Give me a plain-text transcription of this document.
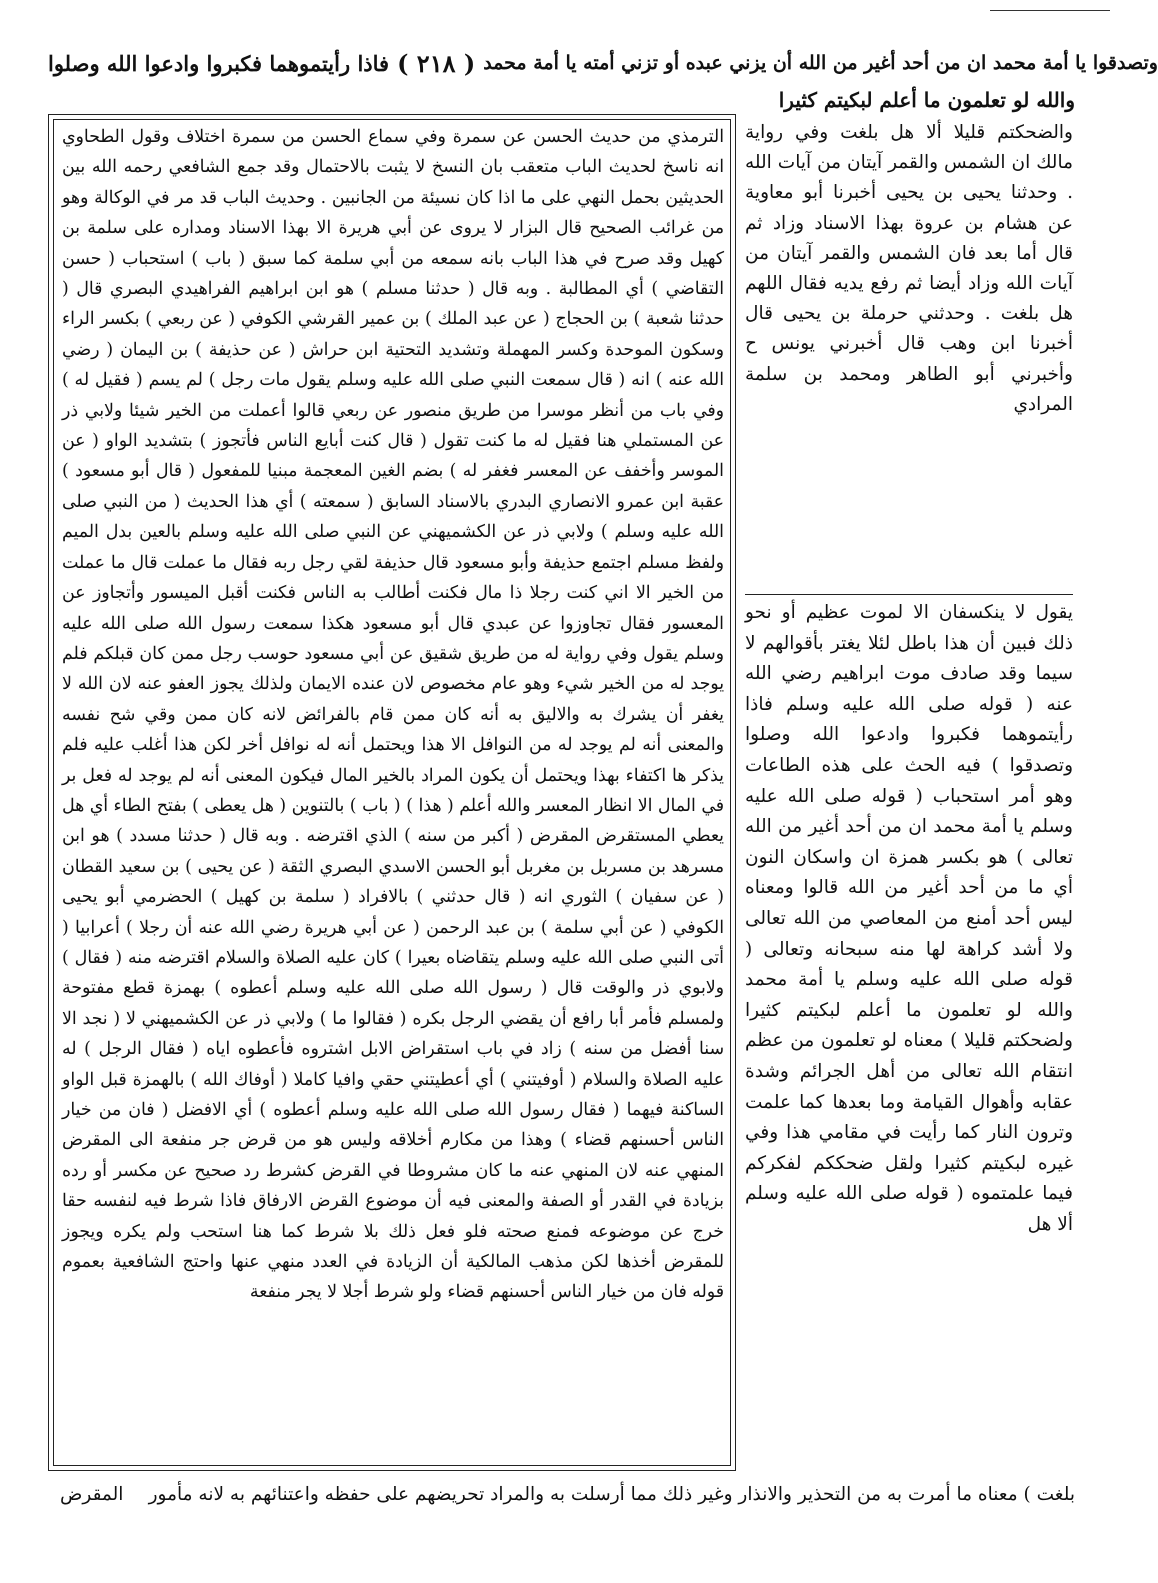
فاذا رأيتموهما فكبروا وادعوا الله وصلوا ( ٢١٨ ) وتصدقوا يا أمة محمد ان من أحد أغير من الله أن يزني عبده أو تزني أمته يا أمة محمد
والله لو تعلمون ما أعلم لبكيتم كثيرا
الترمذي من حديث الحسن عن سمرة وفي سماع الحسن من سمرة اختلاف وقول الطحاوي انه ناسخ لحديث الباب متعقب بان النسخ لا يثبت بالاحتمال وقد جمع الشافعي رحمه الله بين الحديثين بحمل النهي على ما اذا كان نسيئة من الجانبين . وحديث الباب قد مر في الوكالة وهو من غرائب الصحيح قال البزار لا يروى عن أبي هريرة الا بهذا الاسناد ومداره على سلمة بن كهيل وقد صرح في هذا الباب بانه سمعه من أبي سلمة كما سبق ( باب ) استحباب ( حسن التقاضي ) أي المطالبة . وبه قال ( حدثنا مسلم ) هو ابن ابراهيم الفراهيدي البصري قال ( حدثنا شعبة ) بن الحجاج ( عن عبد الملك ) بن عمير القرشي الكوفي ( عن ربعي ) بكسر الراء وسكون الموحدة وكسر المهملة وتشديد التحتية ابن حراش ( عن حذيفة ) بن اليمان ( رضي الله عنه ) انه ( قال سمعت النبي صلى الله عليه وسلم يقول مات رجل ) لم يسم ( فقيل له ) وفي باب من أنظر موسرا من طريق منصور عن ربعي قالوا أعملت من الخير شيئا ولابي ذر عن المستملي هنا فقيل له ما كنت تقول ( قال كنت أبايع الناس فأتجوز ) بتشديد الواو ( عن الموسر وأخفف عن المعسر فغفر له ) بضم الغين المعجمة مبنيا للمفعول ( قال أبو مسعود ) عقبة ابن عمرو الانصاري البدري بالاسناد السابق ( سمعته ) أي هذا الحديث ( من النبي صلى الله عليه وسلم ) ولابي ذر عن الكشميهني عن النبي صلى الله عليه وسلم بالعين بدل الميم ولفظ مسلم اجتمع حذيفة وأبو مسعود قال حذيفة لقي رجل ربه فقال ما عملت قال ما عملت من الخير الا اني كنت رجلا ذا مال فكنت أطالب به الناس فكنت أقبل الميسور وأتجاوز عن المعسور فقال تجاوزوا عن عبدي قال أبو مسعود هكذا سمعت رسول الله صلى الله عليه وسلم يقول وفي رواية له من طريق شقيق عن أبي مسعود حوسب رجل ممن كان قبلكم فلم يوجد له من الخير شيء وهو عام مخصوص لان عنده الايمان ولذلك يجوز العفو عنه لان الله لا يغفر أن يشرك به والاليق به أنه كان ممن قام بالفرائض لانه كان ممن وقي شح نفسه والمعنى أنه لم يوجد له من النوافل الا هذا ويحتمل أنه له نوافل أخر لكن هذا أغلب عليه فلم يذكر ها اكتفاء بهذا ويحتمل أن يكون المراد بالخير المال فيكون المعنى أنه لم يوجد له فعل بر في المال الا انظار المعسر والله أعلم ( هذا ) ( باب ) بالتنوين ( هل يعطى ) بفتح الطاء أي هل يعطي المستقرض المقرض ( أكبر من سنه ) الذي اقترضه . وبه قال ( حدثنا مسدد ) هو ابن مسرهد بن مسربل بن مغربل أبو الحسن الاسدي البصري الثقة ( عن يحيى ) بن سعيد القطان ( عن سفيان ) الثوري انه ( قال حدثني ) بالافراد ( سلمة بن كهيل ) الحضرمي أبو يحيى الكوفي ( عن أبي سلمة ) بن عبد الرحمن ( عن أبي هريرة رضي الله عنه أن رجلا ) أعرابيا ( أتى النبي صلى الله عليه وسلم يتقاضاه بعيرا ) كان عليه الصلاة والسلام اقترضه منه ( فقال ) ولابوي ذر والوقت قال ( رسول الله صلى الله عليه وسلم أعطوه ) بهمزة قطع مفتوحة ولمسلم فأمر أبا رافع أن يقضي الرجل بكره ( فقالوا ما ) ولابي ذر عن الكشميهني لا ( نجد الا سنا أفضل من سنه ) زاد في باب استقراض الابل اشتروه فأعطوه اياه ( فقال الرجل ) له عليه الصلاة والسلام ( أوفيتني ) أي أعطيتني حقي وافيا كاملا ( أوفاك الله ) بالهمزة قبل الواو الساكنة فيهما ( فقال رسول الله صلى الله عليه وسلم أعطوه ) أي الافضل ( فان من خيار الناس أحسنهم قضاء ) وهذا من مكارم أخلاقه وليس هو من قرض جر منفعة الى المقرض المنهي عنه لان المنهي عنه ما كان مشروطا في القرض كشرط رد صحيح عن مكسر أو رده بزيادة في القدر أو الصفة والمعنى فيه أن موضوع القرض الارفاق فاذا شرط فيه لنفسه حقا خرج عن موضوعه فمنع صحته فلو فعل ذلك بلا شرط كما هنا استحب ولم يكره ويجوز للمقرض أخذها لكن مذهب المالكية أن الزيادة في العدد منهي عنها واحتج الشافعية بعموم قوله فان من خيار الناس أحسنهم قضاء ولو شرط أجلا لا يجر منفعة
والضحكتم قليلا ألا هل بلغت وفي رواية مالك ان الشمس والقمر آيتان من آيات الله . وحدثنا يحيى بن يحيى أخبرنا أبو معاوية عن هشام بن عروة بهذا الاسناد وزاد ثم قال أما بعد فان الشمس والقمر آيتان من آيات الله وزاد أيضا ثم رفع يديه فقال اللهم هل بلغت . وحدثني حرملة بن يحيى قال أخبرنا ابن وهب قال أخبرني يونس ح وأخبرني أبو الطاهر ومحمد بن سلمة المرادي
يقول لا ينكسفان الا لموت عظيم أو نحو ذلك فبين أن هذا باطل لئلا يغتر بأقوالهم لا سيما وقد صادف موت ابراهيم رضي الله عنه ( قوله صلى الله عليه وسلم فاذا رأيتموهما فكبروا وادعوا الله وصلوا وتصدقوا ) فيه الحث على هذه الطاعات وهو أمر استحباب ( قوله صلى الله عليه وسلم يا أمة محمد ان من أحد أغير من الله تعالى ) هو بكسر همزة ان واسكان النون أي ما من أحد أغير من الله قالوا ومعناه ليس أحد أمنع من المعاصي من الله تعالى ولا أشد كراهة لها منه سبحانه وتعالى ( قوله صلى الله عليه وسلم يا أمة محمد والله لو تعلمون ما أعلم لبكيتم كثيرا ولضحكتم قليلا ) معناه لو تعلمون من عظم انتقام الله تعالى من أهل الجرائم وشدة عقابه وأهوال القيامة وما بعدها كما علمت وترون النار كما رأيت في مقامي هذا وفي غيره لبكيتم كثيرا ولقل ضحككم لفكركم فيما علمتموه ( قوله صلى الله عليه وسلم ألا هل
بلغت ) معناه ما أمرت به من التحذير والانذار وغير ذلك مما أرسلت به والمراد تحريضهم على حفظه واعتنائهم به لانه مأمور
المقرض
